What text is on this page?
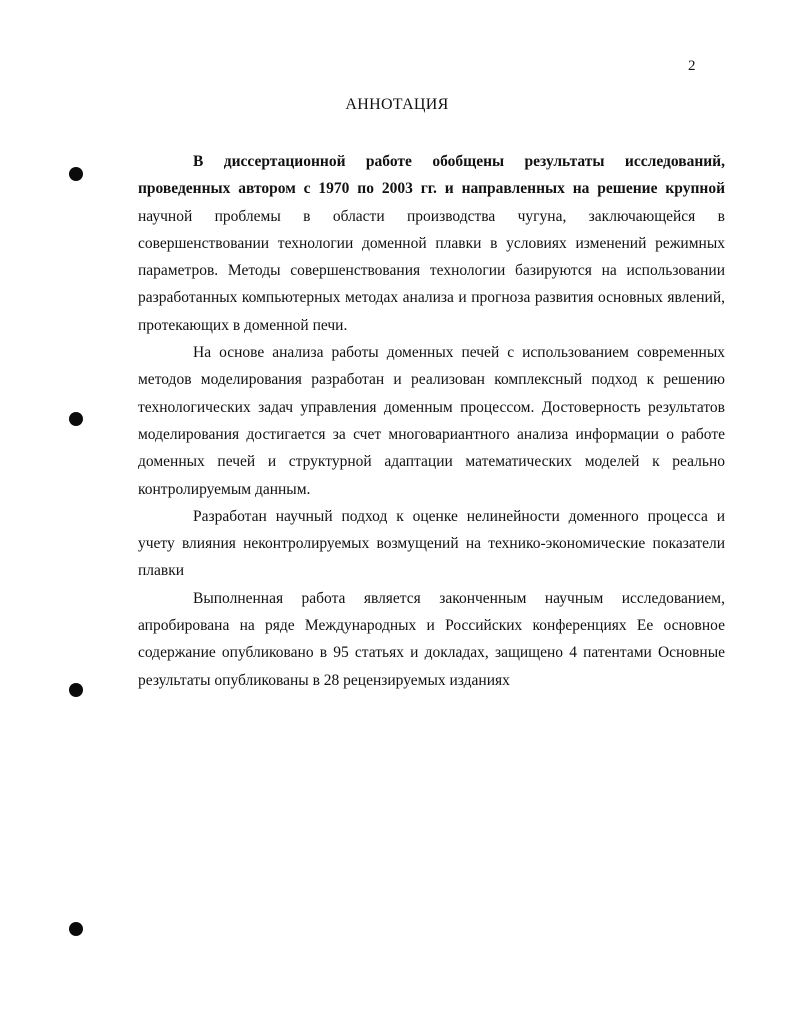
2
АННОТАЦИЯ

В диссертационной работе обобщены результаты исследований, проведенных автором с 1970 по 2003 гг. и направленных на решение крупной научной проблемы в области производства чугуна, заключающейся в совершенствовании технологии доменной плавки в условиях изменений режимных параметров. Методы совершенствования технологии базируются на использовании разработанных компьютерных методах анализа и прогноза развития основных явлений, протекающих в доменной печи.

На основе анализа работы доменных печей с использованием современных методов моделирования разработан и реализован комплексный подход к решению технологических задач управления доменным процессом. Достоверность результатов моделирования достигается за счет многовариантного анализа информации о работе доменных печей и структурной адаптации математических моделей к реально контролируемым данным.

Разработан научный подход к оценке нелинейности доменного процесса и учету влияния неконтролируемых возмущений на технико-экономические показатели плавки

Выполненная работа является законченным научным исследованием, апробирована на ряде Международных и Российских конференциях Ее основное содержание опубликовано в 95 статьях и докладах, защищено 4 патентами Основные результаты опубликованы в 28 рецензируемых изданиях
